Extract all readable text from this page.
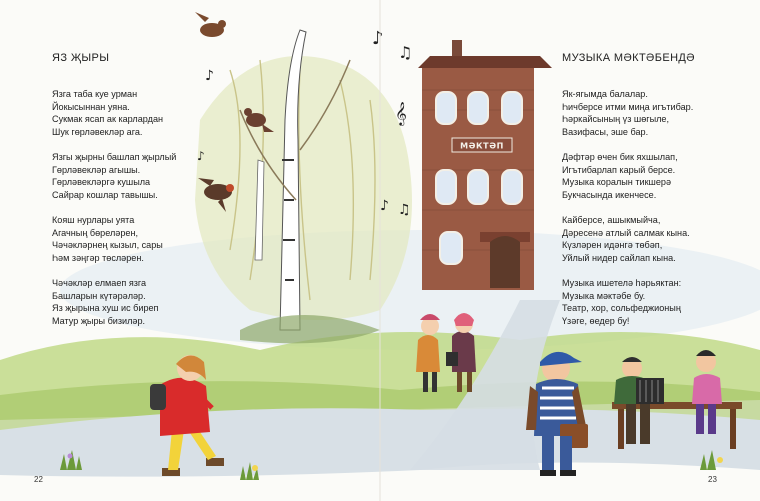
♪
♫
♪
𝄞
♪ ♫
♪
МӘКТӘП
ЯЗ ҖЫРЫ
Язга таба куе урман
Йокысыннан уяна.
Сукмак ясап ак карлардан
Шук гөрләвекләр ага.
Язгы җырны башлап җырлый
Гөрләвекләр агышы.
Гөрләвекләргә кушыла
Сайрар кошлар тавышы.
Кояш нурлары уята
Агачның бөреләрен,
Чәчәкләрнең кызыл, сары
Һәм зәңгәр төсләрен.
Чәчәкләр елмаеп язга
Башларын күтәрәләр.
Яз җырына хуш ис биреп
Матур җыры бизиләр.
22
МУЗЫКА МӘКТӘБЕНДӘ
Як-ягымда балалар.
Һичберсе итми миңа игътибар.
Һәркайсының үз шөгыле,
Вазифасы, эше бар.
Дәфтәр өчен бик яхшылап,
Игътибарлап карый берсе.
Музыка коралын тикшерә
Букчасында икенчесе.
Кайберсе, ашыкмыйча,
Дәресенә атлый салмак кына.
Күзләрен идәнгә төбәп,
Уйлый нидер сайлап кына.
Музыка ишетелә һәрьяктан:
Музыка мәктәбе бу.
Театр, хор, сольфеджионың
Үзәге, өедер бу!
23
